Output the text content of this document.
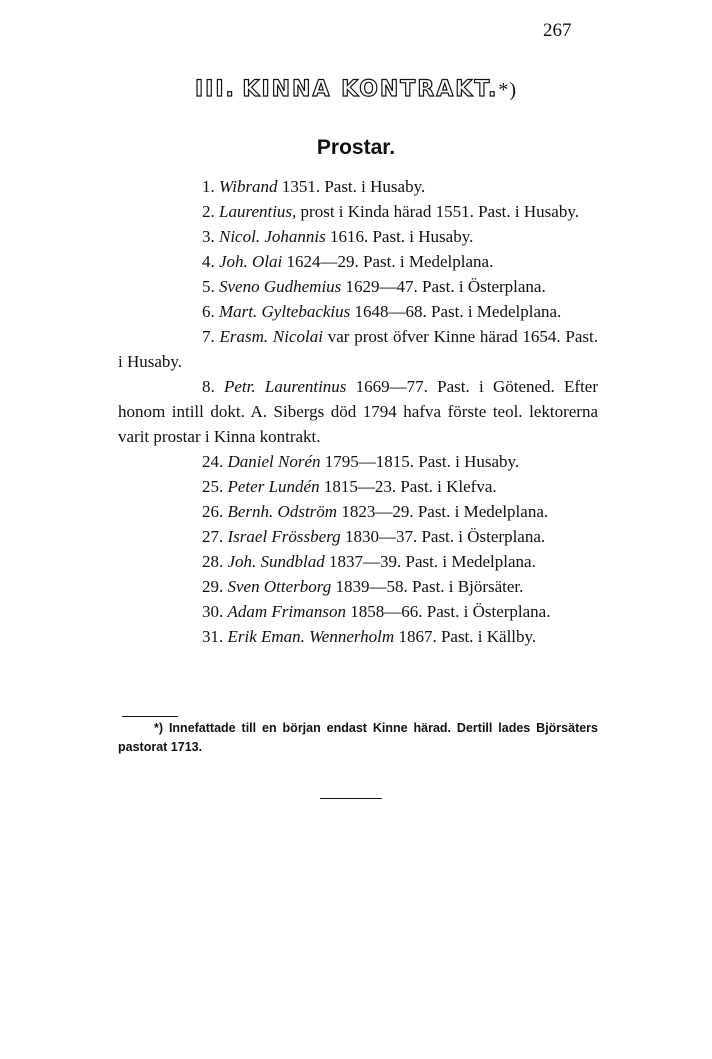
267
III. KINNA KONTRAKT.*)
Prostar.

1. Wibrand 1351. Past. i Husaby.

2. Laurentius, prost i Kinda härad 1551. Past. i Husaby.

3. Nicol. Johannis 1616. Past. i Husaby.

4. Joh. Olai 1624—29. Past. i Medelplana.

5. Sveno Gudhemius 1629—47. Past. i Österplana.

6. Mart. Gyltebackius 1648—68. Past. i Medelplana.

7. Erasm. Nicolai var prost öfver Kinne härad 1654. Past. i Husaby.

8. Petr. Laurentinus 1669—77. Past. i Götened. Efter honom intill dokt. A. Sibergs död 1794 hafva förste teol. lektorerna varit prostar i Kinna kontrakt.

24. Daniel Norén 1795—1815. Past. i Husaby.

25. Peter Lundén 1815—23. Past. i Klefva.

26. Bernh. Odström 1823—29. Past. i Medelplana.

27. Israel Frössberg 1830—37. Past. i Österplana.

28. Joh. Sundblad 1837—39. Past. i Medelplana.

29. Sven Otterborg 1839—58. Past. i Björsäter.

30. Adam Frimanson 1858—66. Past. i Österplana.

31. Erik Eman. Wennerholm 1867. Past. i Källby.

*) Innefattade till en början endast Kinne härad. Dertill lades Björsäters pastorat 1713.
